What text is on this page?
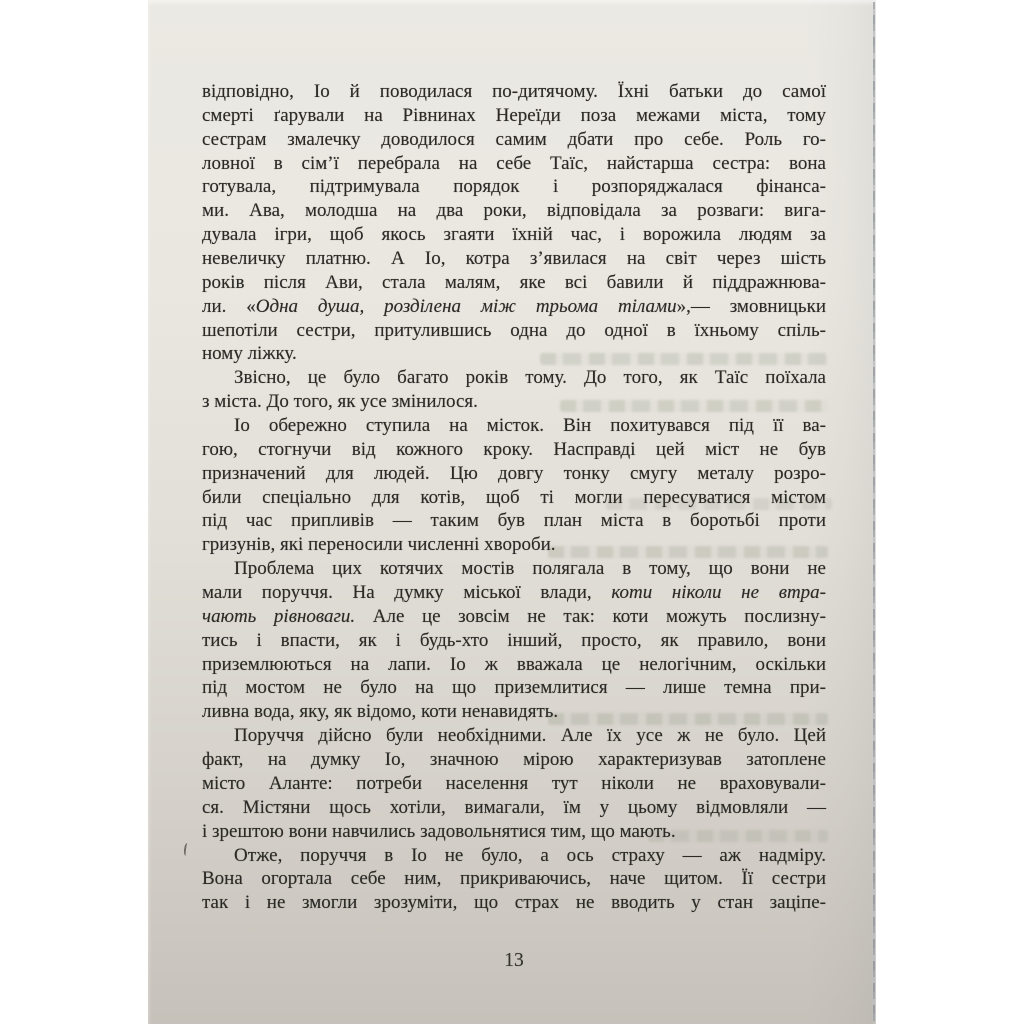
відповідно, Іо й поводилася по-дитячому. Їхні батьки до самої
смерті ґарували на Рівнинах Нереїди поза межами міста, тому
сестрам змалечку доводилося самим дбати про себе. Роль го-
ловної в сім’ї перебрала на себе Таїс, найстарша сестра: вона
готувала, підтримувала порядок і розпоряджалася фінанса-
ми. Ава, молодша на два роки, відповідала за розваги: вига-
дувала ігри, щоб якось згаяти їхній час, і ворожила людям за
невеличку платню. А Іо, котра з’явилася на світ через шість
років після Ави, стала малям, яке всі бавили й піддражнюва-
ли. «Одна душа, розділена між трьома тілами»,— змовницьки
шепотіли сестри, притулившись одна до одної в їхньому спіль-
ному ліжку.
Звісно, це було багато років тому. До того, як Таїс поїхала
з міста. До того, як усе змінилося.
Іо обережно ступила на місток. Він похитувався під її ва-
гою, стогнучи від кожного кроку. Насправді цей міст не був
призначений для людей. Цю довгу тонку смугу металу розро-
били спеціально для котів, щоб ті могли пересуватися містом
під час припливів — таким був план міста в боротьбі проти
гризунів, які переносили численні хвороби.
Проблема цих котячих мостів полягала в тому, що вони не
мали поруччя. На думку міської влади, коти ніколи не втра-
чають рівноваги. Але це зовсім не так: коти можуть послизну-
тись і впасти, як і будь-хто інший, просто, як правило, вони
приземлюються на лапи. Іо ж вважала це нелогічним, оскільки
під мостом не було на що приземлитися — лише темна при-
ливна вода, яку, як відомо, коти ненавидять.
Поруччя дійсно були необхідними. Але їх усе ж не було. Цей
факт, на думку Іо, значною мірою характеризував затоплене
місто Аланте: потреби населення тут ніколи не враховували-
ся. Містяни щось хотіли, вимагали, їм у цьому відмовляли —
і зрештою вони навчились задовольнятися тим, що мають.
Отже, поруччя в Іо не було, а ось страху — аж надміру.
Вона огортала себе ним, прикриваючись, наче щитом. Її сестри
так і не змогли зрозуміти, що страх не вводить у стан заціпе-
13
